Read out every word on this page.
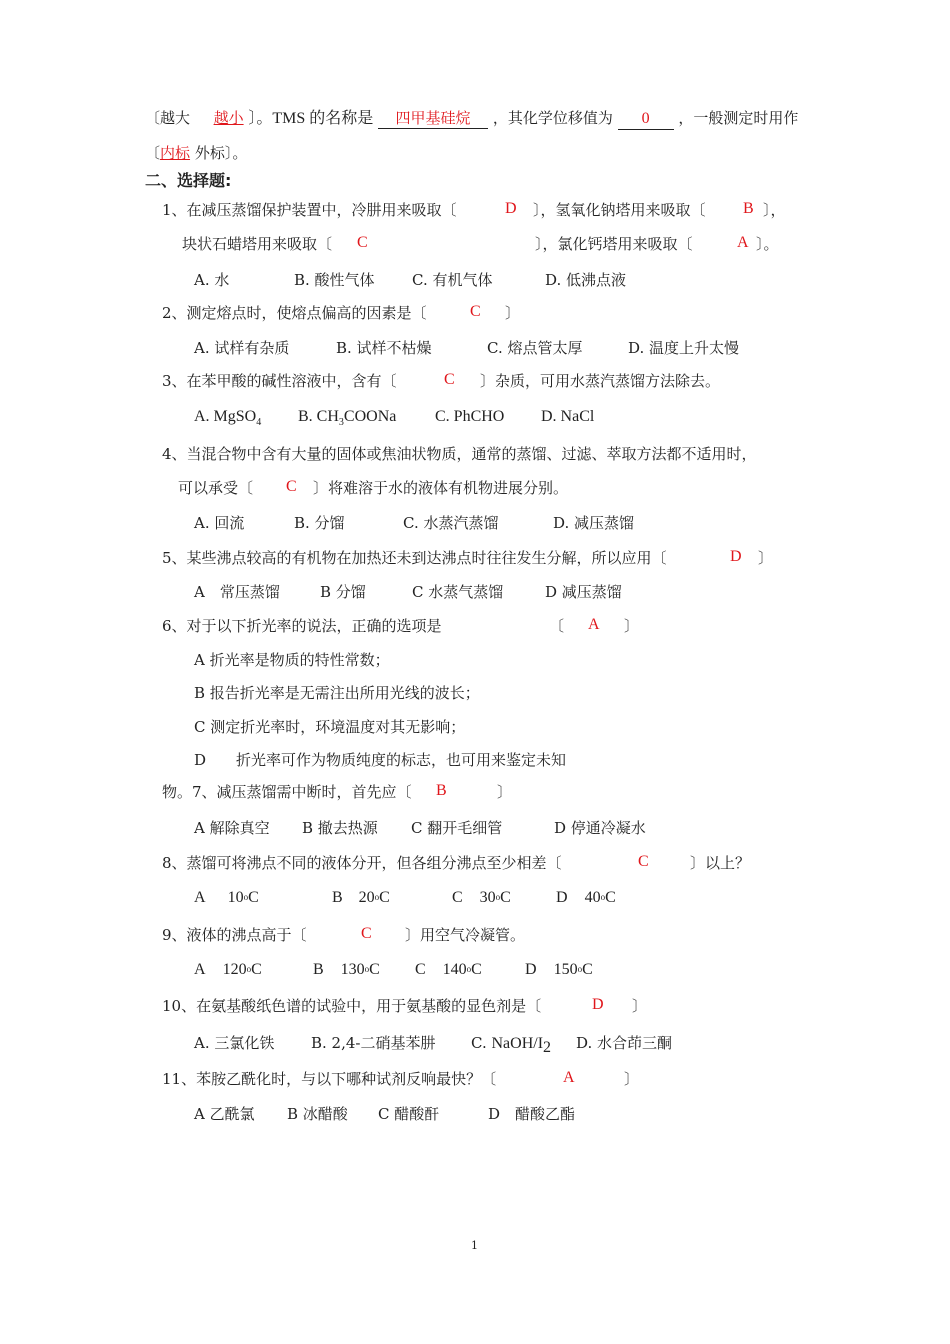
〔越大 越小 〕。TMS 的名称是 四甲基硅烷 ，其化学位移值为 0 ，一般测定时用作
〔内标 外标〕。
二、选择题:
1、在减压蒸馏保护装置中，冷肼用来吸取〔	D 〕，氢氧化钠塔用来吸取〔 B 〕，
块状石蜡塔用来吸取〔 C	〕，氯化钙塔用来吸取〔	A 〕。
A. 水	B. 酸性气体 C. 有机气体	D. 低沸点液
2、测定熔点时，使熔点偏高的因素是〔	C 〕
A. 试样有杂质	B. 试样不枯燥	C. 熔点管太厚	D. 温度上升太慢
3、在苯甲酸的碱性溶液中，含有〔	C 〕杂质，可用水蒸汽蒸馏方法除去。
A. MgSO$_4$ B. $CH_3COONa$ C. PhCHO D. NaCl
4、当混合物中含有大量的固体或焦油状物质，通常的蒸馏、过滤、萃取方法都不适用时，
可以承受〔 C 〕将难溶于水的液体有机物进展分别。
A. 回流	B. 分馏	C. 水蒸汽蒸馏	D. 减压蒸馏
5、某些沸点较高的有机物在加热还未到达沸点时往往发生分解，所以应用〔	D 〕
A　常压蒸馏	B 分馏	C 水蒸气蒸馏	D 减压蒸馏
6、对于以下折光率的说法，正确的选项是	〔 A 〕
A 折光率是物质的特性常数；
B 报告折光率是无需注出所用光线的波长；
C 测定折光率时，环境温度对其无影响；
D　　折光率可作为物质纯度的标志，也可用来鉴定未知
物。7、减压蒸馏需中断时，首先应〔 B	〕
A 解除真空 B 撤去热源 C 翻开毛细管	D 停通冷凝水
8、蒸馏可将沸点不同的液体分开，但各组分沸点至少相差〔	C	〕以上？
A 10$^o$C	B 20$^o$C	C 30$^o$C	D 40$^o$C
9、液体的沸点高于〔	C 〕用空气冷凝管。
A 120$^o$C	B 130$^o$C C 140$^o$C	D 150$^o$C
10、在氨基酸纸色谱的试验中，用于氨基酸的显色剂是〔	D 〕
A. 三氯化铁 B. 2,4-二硝基苯肼 C. NaOH/$I_2$ D. 水合茚三酮
11、苯胺乙酰化时，与以下哪种试剂反响最快？〔	A	〕
A 乙酰氯 B 冰醋酸 C 醋酸酐	D　醋酸乙酯
1
